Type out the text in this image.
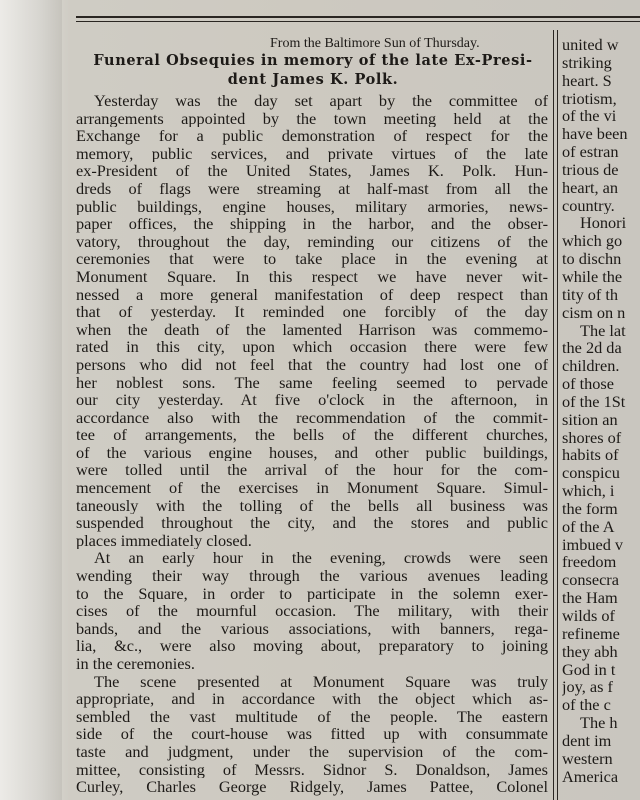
From the Baltimore Sun of Thursday.
Funeral Obsequies in memory of the late Ex-Presi-
dent James K. Polk.
Yesterday was the day set apart by the committee of
arrangements appointed by the town meeting held at the
Exchange for a public demonstration of respect for the
memory, public services, and private virtues of the late
ex-President of the United States, James K. Polk. Hun-
dreds of flags were streaming at half-mast from all the
public buildings, engine houses, military armories, news-
paper offices, the shipping in the harbor, and the obser-
vatory, throughout the day, reminding our citizens of the
ceremonies that were to take place in the evening at
Monument Square. In this respect we have never wit-
nessed a more general manifestation of deep respect than
that of yesterday. It reminded one forcibly of the day
when the death of the lamented Harrison was commemo-
rated in this city, upon which occasion there were few
persons who did not feel that the country had lost one of
her noblest sons. The same feeling seemed to pervade
our city yesterday. At five o'clock in the afternoon, in
accordance also with the recommendation of the commit-
tee of arrangements, the bells of the different churches,
of the various engine houses, and other public buildings,
were tolled until the arrival of the hour for the com-
mencement of the exercises in Monument Square. Simul-
taneously with the tolling of the bells all business was
suspended throughout the city, and the stores and public
places immediately closed.
At an early hour in the evening, crowds were seen
wending their way through the various avenues leading
to the Square, in order to participate in the solemn exer-
cises of the mournful occasion. The military, with their
bands, and the various associations, with banners, rega-
lia, &c., were also moving about, preparatory to joining
in the ceremonies.
The scene presented at Monument Square was truly
appropriate, and in accordance with the object which as-
sembled the vast multitude of the people. The eastern
side of the court-house was fitted up with consummate
taste and judgment, under the supervision of the com-
mittee, consisting of Messrs. Sidnor S. Donaldson, James
Curley, Charles George Ridgely, James Pattee, Colonel
united w
striking
heart. S
triotism,
of the vi
have been
of estran
trious de
heart, an
country.
Honori
which go
to dischn
while the
tity of th
cism on n
The lat
the 2d da
children.
of those
of the 1St
sition an
shores of
habits of
conspicu
which, i
the form
of the A
imbued v
freedom
consecra
the Ham
wilds of
refineme
they abh
God in t
joy, as f
of the c
The h
dent im
western
America
